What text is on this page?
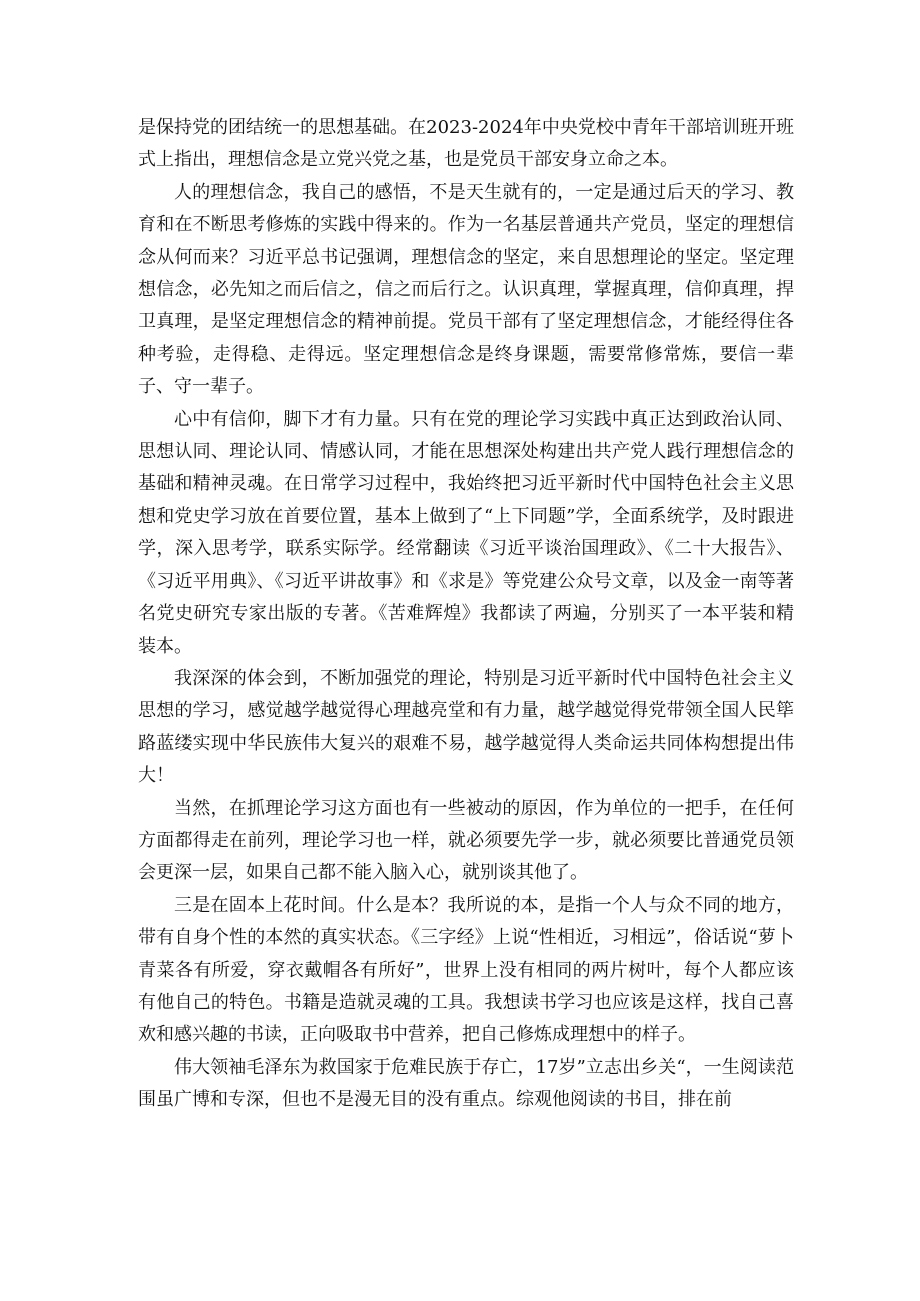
是保持党的团结统一的思想基础。在2023-2024年中央党校中青年干部培训班开班式上指出，理想信念是立党兴党之基，也是党员干部安身立命之本。

人的理想信念，我自己的感悟，不是天生就有的，一定是通过后天的学习、教育和在不断思考修炼的实践中得来的。作为一名基层普通共产党员，坚定的理想信念从何而来？习近平总书记强调，理想信念的坚定，来自思想理论的坚定。坚定理想信念，必先知之而后信之，信之而后行之。认识真理，掌握真理，信仰真理，捍卫真理，是坚定理想信念的精神前提。党员干部有了坚定理想信念，才能经得住各种考验，走得稳、走得远。坚定理想信念是终身课题，需要常修常炼，要信一辈子、守一辈子。

心中有信仰，脚下才有力量。只有在党的理论学习实践中真正达到政治认同、思想认同、理论认同、情感认同，才能在思想深处构建出共产党人践行理想信念的基础和精神灵魂。在日常学习过程中，我始终把习近平新时代中国特色社会主义思想和党史学习放在首要位置，基本上做到了“上下同题”学，全面系统学，及时跟进学，深入思考学，联系实际学。经常翻读《习近平谈治国理政》、《二十大报告》、《习近平用典》、《习近平讲故事》和《求是》等党建公众号文章，以及金一南等著名党史研究专家出版的专著。《苦难辉煌》我都读了两遍，分别买了一本平装和精装本。

我深深的体会到，不断加强党的理论，特别是习近平新时代中国特色社会主义思想的学习，感觉越学越觉得心理越亮堂和有力量，越学越觉得党带领全国人民筚路蓝缕实现中华民族伟大复兴的艰难不易，越学越觉得人类命运共同体构想提出伟大！

当然，在抓理论学习这方面也有一些被动的原因，作为单位的一把手，在任何方面都得走在前列，理论学习也一样，就必须要先学一步，就必须要比普通党员领会更深一层，如果自己都不能入脑入心，就别谈其他了。

三是在固本上花时间。什么是本？我所说的本，是指一个人与众不同的地方，带有自身个性的本然的真实状态。《三字经》上说“性相近，习相远”，俗话说“萝卜青菜各有所爱，穿衣戴帽各有所好”，世界上没有相同的两片树叶，每个人都应该有他自己的特色。书籍是造就灵魂的工具。我想读书学习也应该是这样，找自己喜欢和感兴趣的书读，正向吸取书中营养，把自己修炼成理想中的样子。

伟大领袖毛泽东为救国家于危难民族于存亡，17岁”立志出乡关“，一生阅读范围虽广博和专深，但也不是漫无目的没有重点。综观他阅读的书目，排在前
